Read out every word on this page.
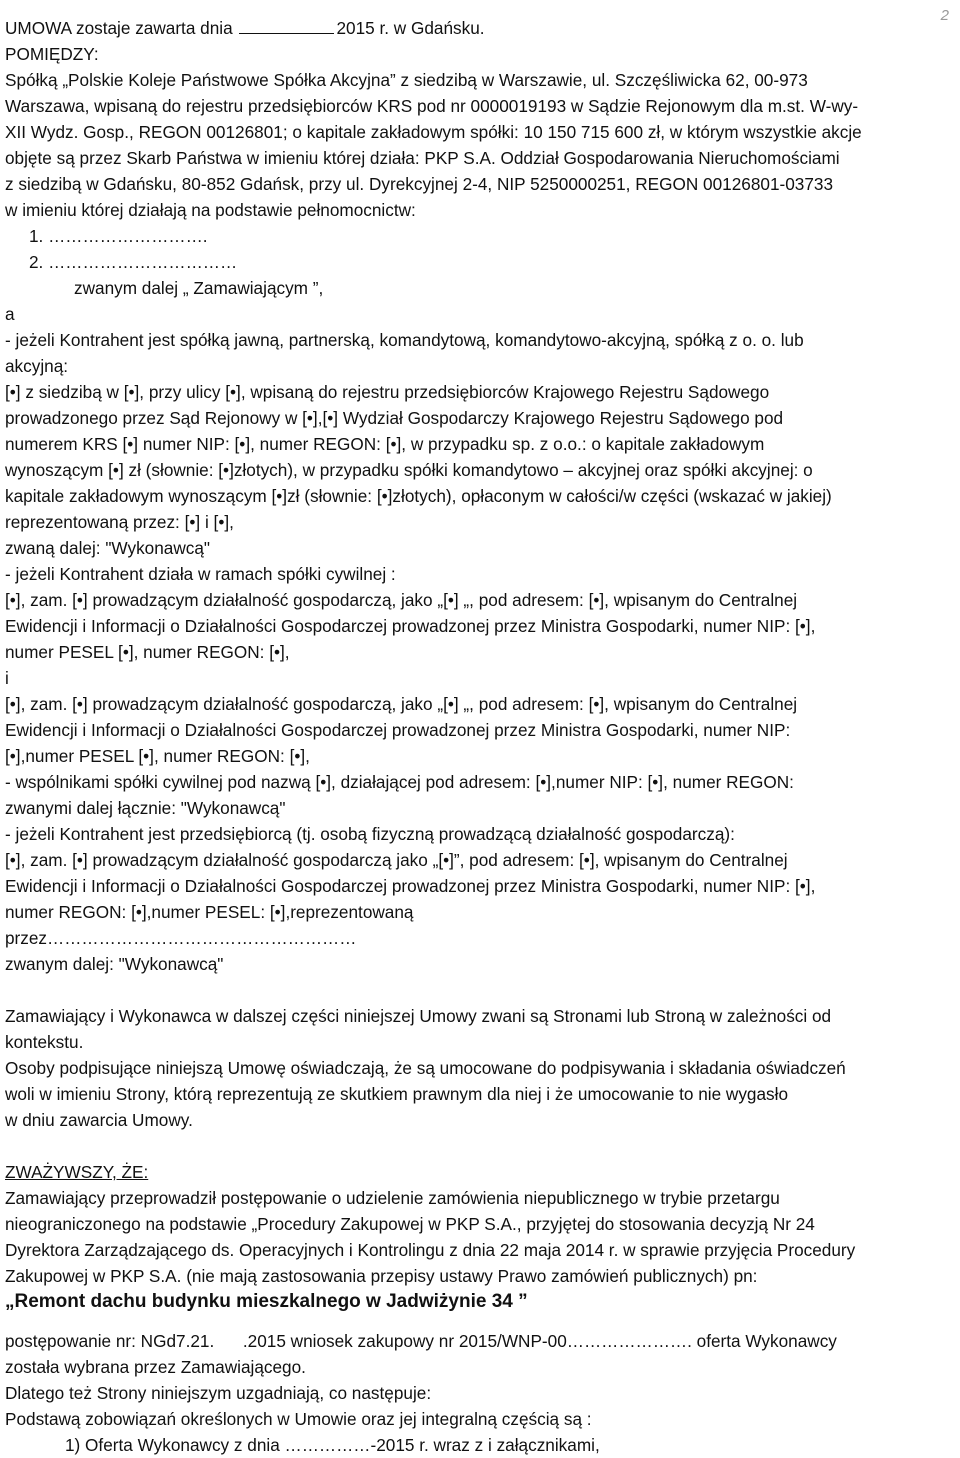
2

UMOWA zostaje zawarta dnia	2015 r. w Gdańsku.

POMIĘDZY:

Spółką „Polskie Koleje Państwowe Spółka Akcyjna” z siedzibą w Warszawie, ul. Szczęśliwicka 62, 00-973

Warszawa, wpisaną do rejestru przedsiębiorców KRS pod nr 0000019193 w Sądzie Rejonowym dla m.st. W-wy-

XII Wydz. Gosp., REGON 00126801; o kapitale zakładowym spółki: 10 150 715 600 zł, w którym wszystkie akcje

objęte są przez Skarb Państwa w imieniu której działa: PKP S.A. Oddział Gospodarowania Nieruchomościami

z siedzibą w Gdańsku, 80-852 Gdańsk, przy ul. Dyrekcyjnej 2-4, NIP 5250000251, REGON 00126801-03733

w imieniu której działają na podstawie pełnomocnictw:

1. ……………………….

2. ……………………………

zwanym dalej „ Zamawiającym ”,

a

- jeżeli Kontrahent jest spółką jawną, partnerską, komandytową, komandytowo-akcyjną, spółką z o. o. lub

akcyjną:

[•] z siedzibą w [•], przy ulicy [•], wpisaną do rejestru przedsiębiorców Krajowego Rejestru Sądowego

prowadzonego przez Sąd Rejonowy w [•],[•] Wydział Gospodarczy Krajowego Rejestru Sądowego pod

numerem KRS [•] numer NIP: [•], numer REGON: [•], w przypadku sp. z o.o.: o kapitale zakładowym

wynoszącym [•] zł (słownie: [•]złotych), w przypadku spółki komandytowo – akcyjnej oraz spółki akcyjnej: o

kapitale zakładowym wynoszącym [•]zł (słownie: [•]złotych), opłaconym w całości/w części (wskazać w jakiej)

reprezentowaną przez: [•] i [•],

zwaną dalej: "Wykonawcą"

- jeżeli Kontrahent działa w ramach spółki cywilnej :

[•], zam. [•] prowadzącym działalność gospodarczą, jako „[•] „, pod adresem: [•], wpisanym do Centralnej

Ewidencji i Informacji o Działalności Gospodarczej prowadzonej przez Ministra Gospodarki, numer NIP: [•],

numer PESEL [•], numer REGON: [•],

i

[•], zam. [•] prowadzącym działalność gospodarczą, jako „[•] „, pod adresem: [•], wpisanym do Centralnej

Ewidencji i Informacji o Działalności Gospodarczej prowadzonej przez Ministra Gospodarki, numer NIP:

[•],numer PESEL [•], numer REGON: [•],

- wspólnikami spółki cywilnej pod nazwą [•], działającej pod adresem: [•],numer NIP: [•], numer REGON:

zwanymi dalej łącznie: "Wykonawcą"

- jeżeli Kontrahent jest przedsiębiorcą (tj. osobą fizyczną prowadzącą działalność gospodarczą):

[•], zam. [•] prowadzącym działalność gospodarczą jako „[•]”, pod adresem: [•], wpisanym do Centralnej

Ewidencji i Informacji o Działalności Gospodarczej prowadzonej przez Ministra Gospodarki, numer NIP: [•],

numer REGON: [•],numer PESEL: [•],reprezentowaną

przez………………………………………………

zwanym dalej: "Wykonawcą"

Zamawiający i Wykonawca w dalszej części niniejszej Umowy zwani są Stronami lub Stroną w zależności od

kontekstu.

Osoby podpisujące niniejszą Umowę oświadczają, że są umocowane do podpisywania i składania oświadczeń

woli w imieniu Strony, którą reprezentują ze skutkiem prawnym dla niej i że umocowanie to nie wygasło

w dniu zawarcia Umowy.

ZWAŻYWSZY, ŻE:

Zamawiający przeprowadził postępowanie o udzielenie zamówienia niepublicznego w trybie przetargu

nieograniczonego na podstawie „Procedury Zakupowej w PKP S.A., przyjętej do stosowania decyzją Nr 24

Dyrektora Zarządzającego ds. Operacyjnych i Kontrolingu z dnia 22 maja 2014 r. w sprawie przyjęcia Procedury

Zakupowej w PKP S.A. (nie mają zastosowania przepisy ustawy Prawo zamówień publicznych) pn:

„Remont dachu budynku mieszkalnego w Jadwiżynie 34 ”

postępowanie nr: NGd7.21.      .2015 wniosek zakupowy nr 2015/WNP-00…………………. oferta Wykonawcy

została wybrana przez Zamawiającego.

Dlatego też Strony niniejszym uzgadniają, co następuje:

Podstawą zobowiązań określonych w Umowie oraz jej integralną częścią są :

1) Oferta Wykonawcy z dnia ……………-2015 r. wraz z i załącznikami,
